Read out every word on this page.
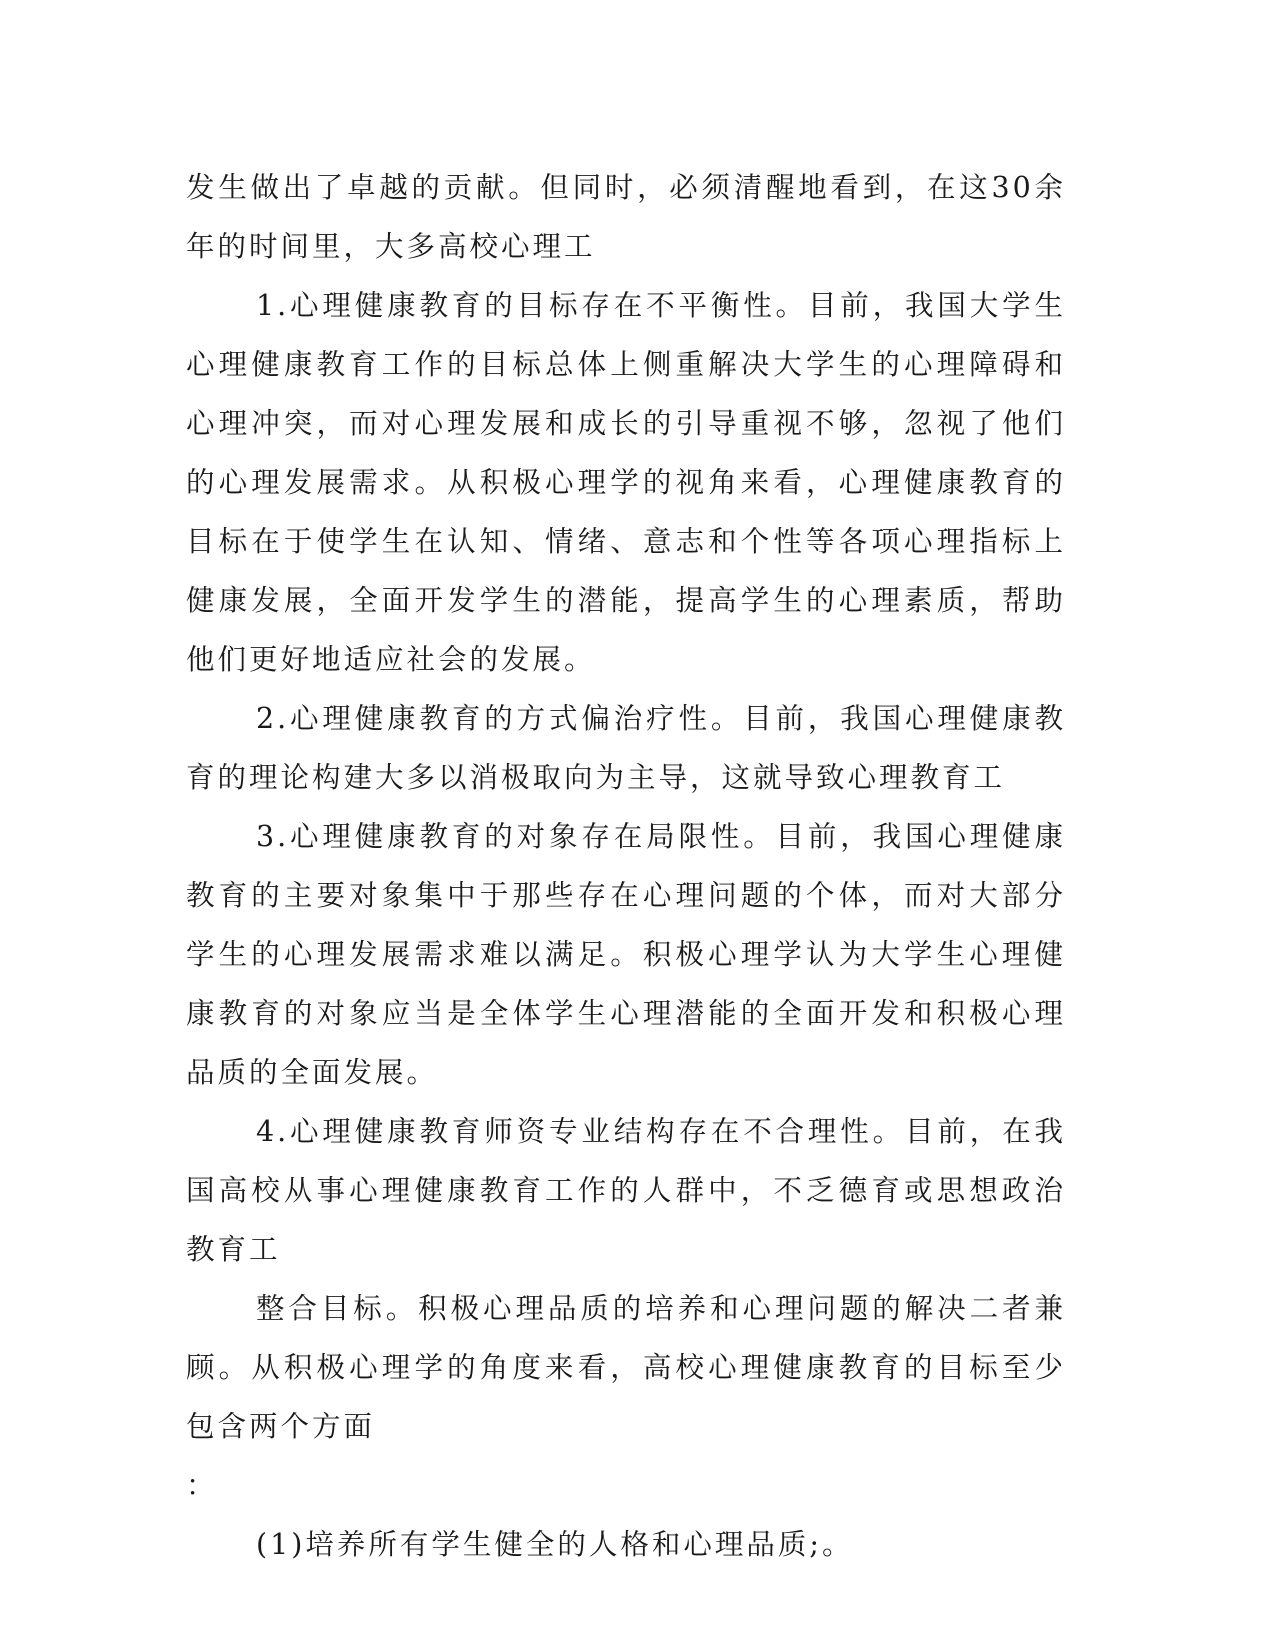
发生做出了卓越的贡献。但同时，必须清醒地看到，在这30余年的时间里，大多高校心理工

1.心理健康教育的目标存在不平衡性。目前，我国大学生心理健康教育工作的目标总体上侧重解决大学生的心理障碍和心理冲突，而对心理发展和成长的引导重视不够，忽视了他们的心理发展需求。从积极心理学的视角来看，心理健康教育的目标在于使学生在认知、情绪、意志和个性等各项心理指标上健康发展，全面开发学生的潜能，提高学生的心理素质，帮助他们更好地适应社会的发展。

2.心理健康教育的方式偏治疗性。目前，我国心理健康教育的理论构建大多以消极取向为主导，这就导致心理教育工

3.心理健康教育的对象存在局限性。目前，我国心理健康教育的主要对象集中于那些存在心理问题的个体，而对大部分学生的心理发展需求难以满足。积极心理学认为大学生心理健康教育的对象应当是全体学生心理潜能的全面开发和积极心理品质的全面发展。

4.心理健康教育师资专业结构存在不合理性。目前，在我国高校从事心理健康教育工作的人群中，不乏德育或思想政治教育工

整合目标。积极心理品质的培养和心理问题的解决二者兼顾。从积极心理学的角度来看，高校心理健康教育的目标至少包含两个方面

：

(1)培养所有学生健全的人格和心理品质;。
